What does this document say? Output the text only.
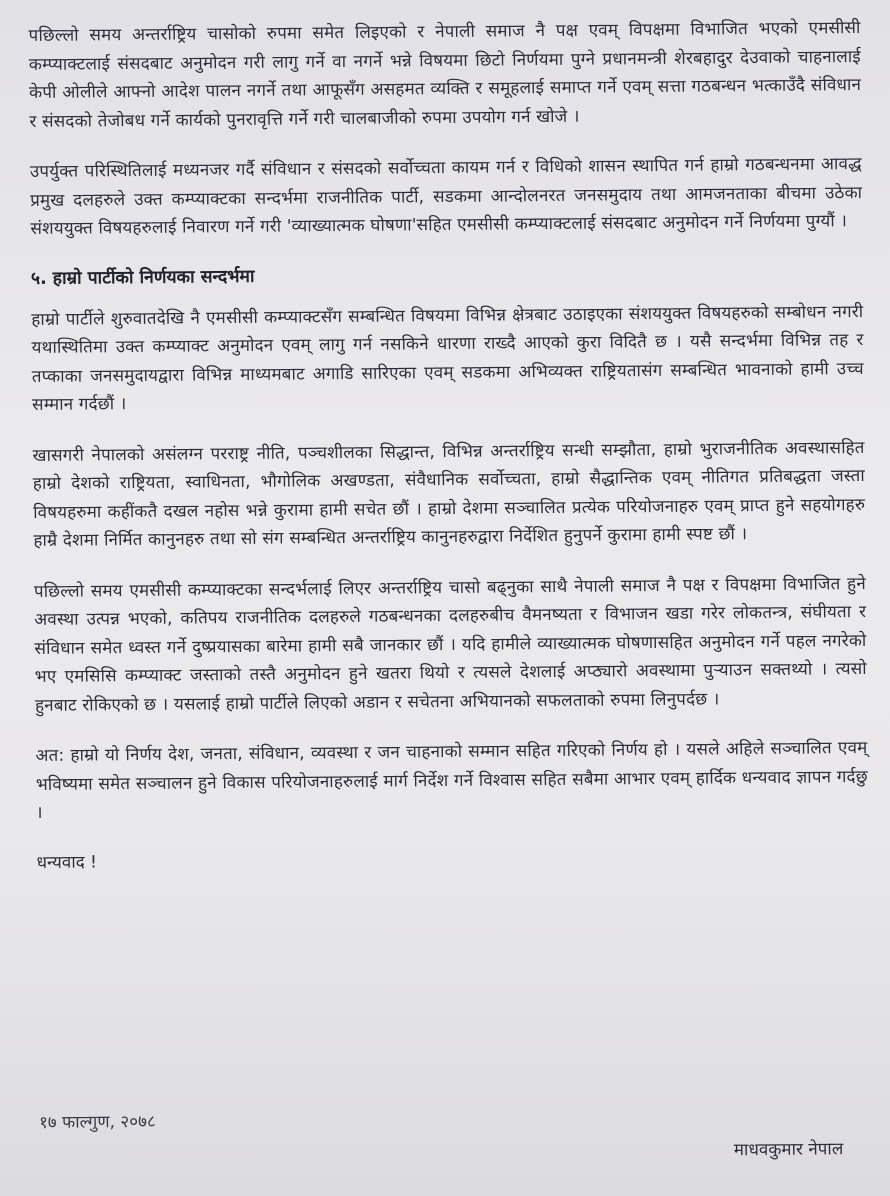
पछिल्लो समय अन्तर्राष्ट्रिय चासोको रुपमा समेत लिइएको र नेपाली समाज नै पक्ष एवम् विपक्षमा विभाजित भएको एमसीसी कम्प्याक्टलाई संसदबाट अनुमोदन गरी लागु गर्ने वा नगर्ने भन्ने विषयमा छिटो निर्णयमा पुग्ने प्रधानमन्त्री शेरबहादुर देउवाको चाहनालाई केपी ओलीले आफ्नो आदेश पालन नगर्ने तथा आफूसँग असहमत व्यक्ति र समूहलाई समाप्त गर्ने एवम् सत्ता गठबन्धन भत्काउँदै संविधान र संसदको तेजोबध गर्ने कार्यको पुनरावृत्ति गर्ने गरी चालबाजीको रुपमा उपयोग गर्न खोजे ।

उपर्युक्त परिस्थितिलाई मध्यनजर गर्दै संविधान र संसदको सर्वोच्चता कायम गर्न र विधिको शासन स्थापित गर्न हाम्रो गठबन्धनमा आवद्ध प्रमुख दलहरुले उक्त कम्प्याक्टका सन्दर्भमा राजनीतिक पार्टी, सडकमा आन्दोलनरत जनसमुदाय तथा आमजनताका बीचमा उठेका संशययुक्त विषयहरुलाई निवारण गर्ने गरी 'व्याख्यात्मक घोषणा'सहित एमसीसी कम्प्याक्टलाई संसदबाट अनुमोदन गर्ने निर्णयमा पुग्यौं ।

५. हाम्रो पार्टीको निर्णयका सन्दर्भमा

हाम्रो पार्टीले शुरुवातदेखि नै एमसीसी कम्प्याक्टसँग सम्बन्धित विषयमा विभिन्न क्षेत्रबाट उठाइएका संशययुक्त विषयहरुको सम्बोधन नगरी यथास्थितिमा उक्त कम्प्याक्ट अनुमोदन एवम् लागु गर्न नसकिने धारणा राख्दै आएको कुरा विदितै छ । यसै सन्दर्भमा विभिन्न तह र तप्काका जनसमुदायद्वारा विभिन्न माध्यमबाट अगाडि सारिएका एवम् सडकमा अभिव्यक्त राष्ट्रियतासंग सम्बन्धित भावनाको हामी उच्च सम्मान गर्दछौं ।

खासगरी नेपालको असंलग्न परराष्ट्र नीति, पञ्चशीलका सिद्धान्त, विभिन्न अन्तर्राष्ट्रिय सन्धी सम्झौता, हाम्रो भुराजनीतिक अवस्थासहित हाम्रो देशको राष्ट्रियता, स्वाधिनता, भौगोलिक अखण्डता, संवैधानिक सर्वोच्चता, हाम्रो सैद्धान्तिक एवम् नीतिगत प्रतिबद्धता जस्ता विषयहरुमा कहींकतै दखल नहोस भन्ने कुरामा हामी सचेत छौं । हाम्रो देशमा सञ्चालित प्रत्येक परियोजनाहरु एवम् प्राप्त हुने सहयोगहरु हाम्रै देशमा निर्मित कानुनहरु तथा सो संग सम्बन्धित अन्तर्राष्ट्रिय कानुनहरुद्वारा निर्देशित हुनुपर्ने कुरामा हामी स्पष्ट छौं ।

पछिल्लो समय एमसीसी कम्प्याक्टका सन्दर्भलाई लिएर अन्तर्राष्ट्रिय चासो बढ्नुका साथै नेपाली समाज नै पक्ष र विपक्षमा विभाजित हुने अवस्था उत्पन्न भएको, कतिपय राजनीतिक दलहरुले गठबन्धनका दलहरुबीच वैमनष्यता र विभाजन खडा गरेर लोकतन्त्र, संघीयता र संविधान समेत ध्वस्त गर्ने दुष्प्रयासका बारेमा हामी सबै जानकार छौं । यदि हामीले व्याख्यात्मक घोषणासहित अनुमोदन गर्ने पहल नगरेको भए एमसिसि कम्प्याक्ट जस्ताको तस्तै अनुमोदन हुने खतरा थियो र त्यसले देशलाई अप्ठ्यारो अवस्थामा पुर्‍याउन सक्तथ्यो । त्यसो हुनबाट रोकिएको छ । यसलाई हाम्रो पार्टीले लिएको अडान र सचेतना अभियानको सफलताको रुपमा लिनुपर्दछ ।

अत: हाम्रो यो निर्णय देश, जनता, संविधान, व्यवस्था र जन चाहनाको सम्मान सहित गरिएको निर्णय हो । यसले अहिले सञ्चालित एवम् भविष्यमा समेत सञ्चालन हुने विकास परियोजनाहरुलाई मार्ग निर्देश गर्ने विश्वास सहित सबैमा आभार एवम् हार्दिक धन्यवाद ज्ञापन गर्दछु ।

धन्यवाद !
१७ फाल्गुण, २०७८
माधवकुमार नेपाल
